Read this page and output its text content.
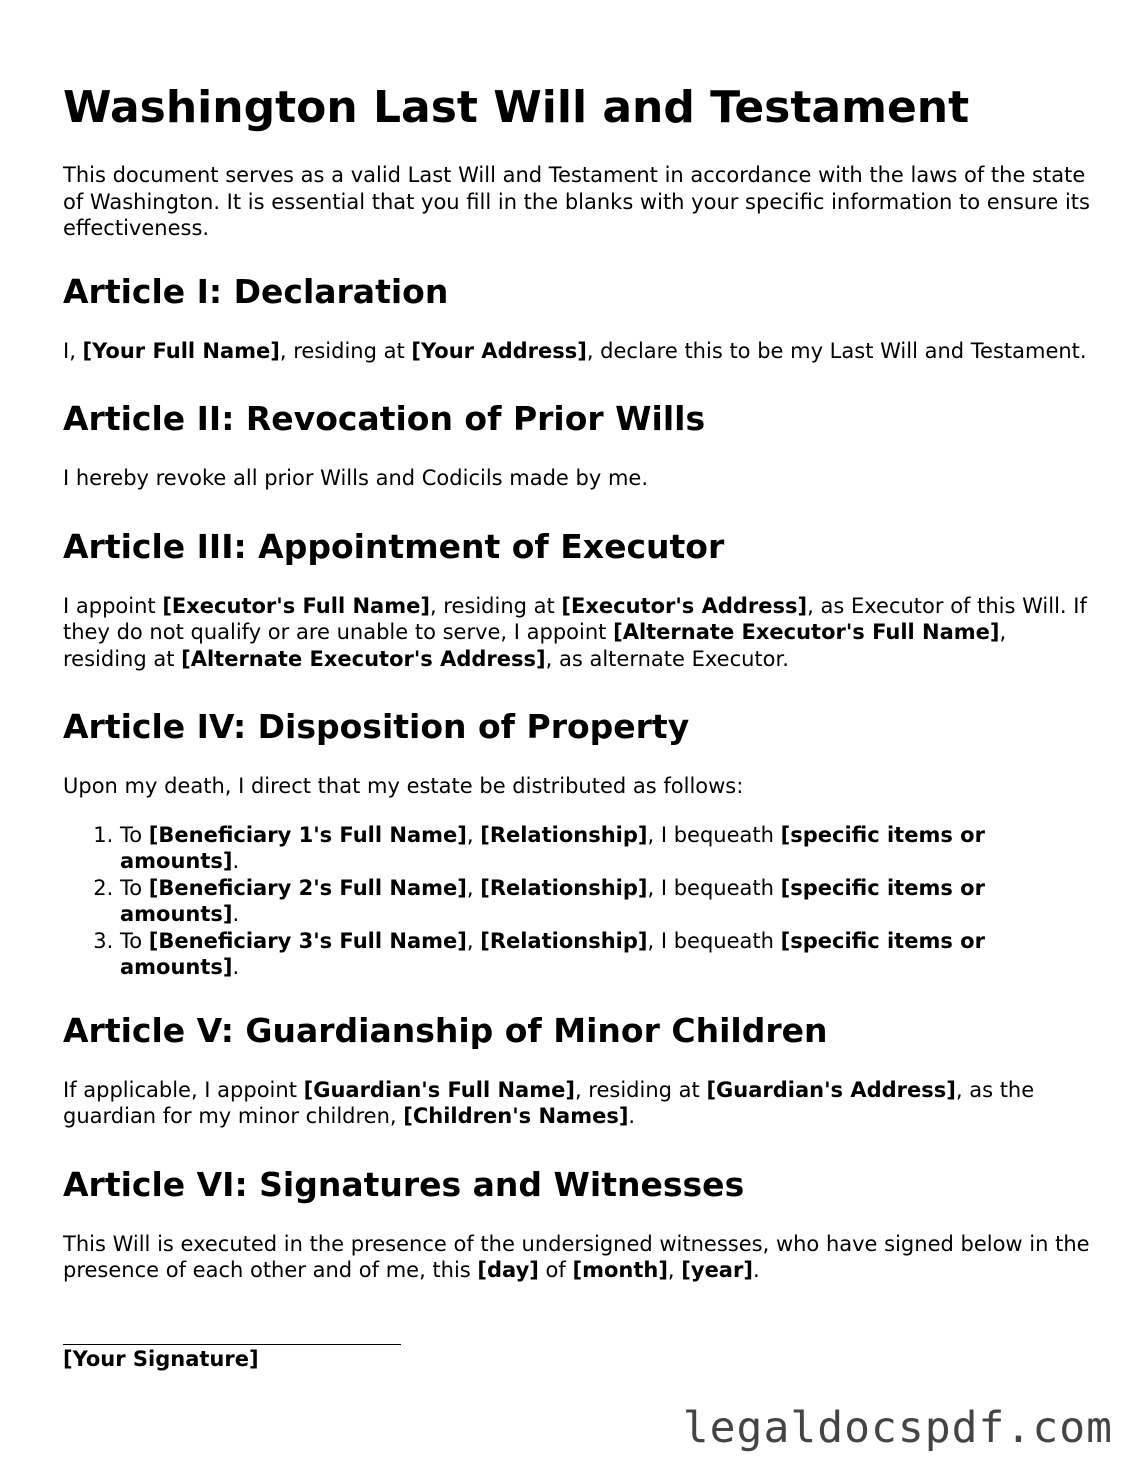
Washington Last Will and Testament

This document serves as a valid Last Will and Testament in accordance with the laws of the state of Washington. It is essential that you fill in the blanks with your specific information to ensure its effectiveness.

Article I: Declaration

I, [Your Full Name], residing at [Your Address], declare this to be my Last Will and Testament.

Article II: Revocation of Prior Wills

I hereby revoke all prior Wills and Codicils made by me.

Article III: Appointment of Executor

I appoint [Executor's Full Name], residing at [Executor's Address], as Executor of this Will. If they do not qualify or are unable to serve, I appoint [Alternate Executor's Full Name], residing at [Alternate Executor's Address], as alternate Executor.

Article IV: Disposition of Property

Upon my death, I direct that my estate be distributed as follows:

1. To [Beneficiary 1's Full Name], [Relationship], I bequeath [specific items or amounts].
2. To [Beneficiary 2's Full Name], [Relationship], I bequeath [specific items or amounts].
3. To [Beneficiary 3's Full Name], [Relationship], I bequeath [specific items or amounts].
Article V: Guardianship of Minor Children

If applicable, I appoint [Guardian's Full Name], residing at [Guardian's Address], as the guardian for my minor children, [Children's Names].

Article VI: Signatures and Witnesses

This Will is executed in the presence of the undersigned witnesses, who have signed below in the presence of each other and of me, this [day] of [month], [year].

[Your Signature]
legaldocspdf.com
